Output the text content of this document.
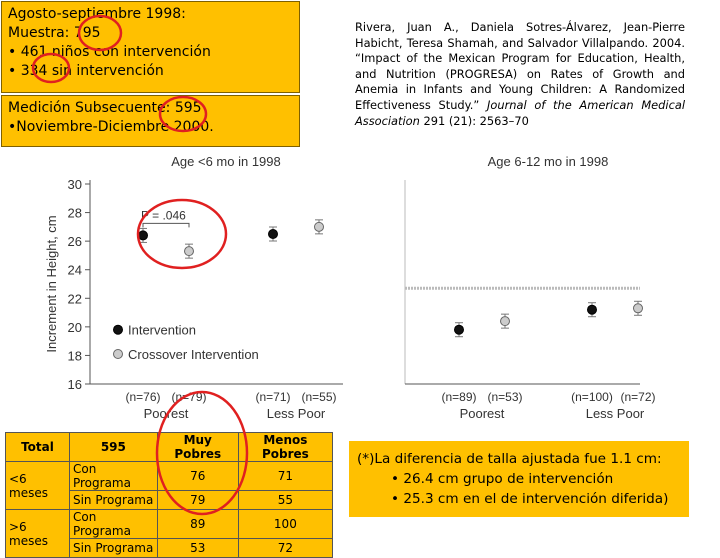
Agosto-septiembre 1998:
Muestra: 795
• 461 niños con intervención
• 334 sin intervención
Medición Subsecuente: 595
•Noviembre-Diciembre 2000.
Rivera, Juan A., Daniela Sotres-Álvarez, Jean-Pierre Habicht, Teresa Shamah, and Salvador Villalpando. 2004. “Impact of the Mexican Program for Education, Health, and Nutrition (PROGRESA) on Rates of Growth and Anemia in Infants and Young Children: A Randomized Effectiveness Study.” Journal of the American Medical Association 291 (21): 2563–70
Total	595	Muy Pobres	Menos Pobres
<6 meses	Con Programa	76	71
	Sin Programa	79	55
>6 meses	Con Programa	89	100
	Sin Programa	53	72
(*)La diferencia de talla ajustada fue 1.1 cm:
• 26.4 cm grupo de intervención
• 25.3 cm en el de intervención diferida)
Age <6 mo in 1998
16
18
20
22
24
26
28
30
Increment in Height, cm
(n=76) (n=79)
Poorest
(n=71) (n=55)
Less Poor
P = .046
Intervention
Crossover Intervention
Age 6-12 mo in 1998
(n=89) (n=53)
Poorest
(n=100) (n=72)
Less Poor
